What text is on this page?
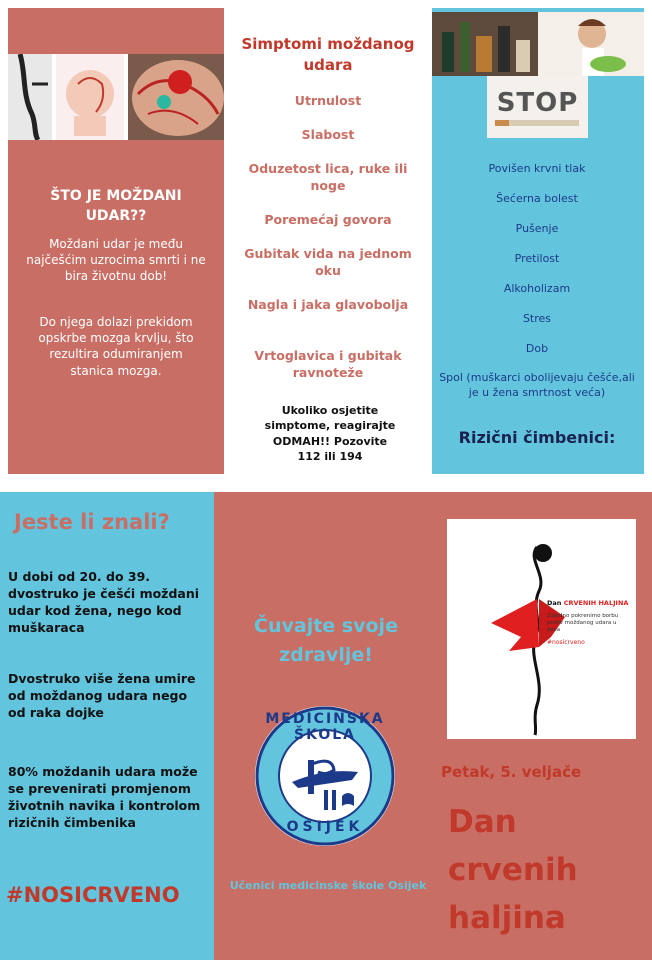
ŠTO JE MOŽDANI UDAR??
Moždani udar je među najčešćim uzrocima smrti i ne bira životnu dob!
Do njega dolazi prekidom opskrbe mozga krvlju, što rezultira odumiranjem stanica mozga.
Simptomi moždanog udara
Utrnulost
Slabost
Oduzetost lica, ruke ili noge
Poremećaj govora
Gubitak vida na jednom oku
Nagla i jaka glavobolja
Vrtoglavica i gubitak ravnoteže
Ukoliko osjetite simptome, reagirajte ODMAH!! Pozovite 112 ili 194
STOP
Povišen krvni tlak
Šećerna bolest
Pušenje
Pretilost
Alkoholizam
Stres
Dob
Spol (muškarci obolijevaju češće,ali je u žena smrtnost veća)
Rizični čimbenici:
Jeste li znali?
U dobi od 20. do 39. dvostruko je češći moždani udar kod žena, nego kod muškaraca
Dvostruko više žena umire od moždanog udara nego od raka dojke
80% moždanih udara može se prevenirati promjenom životnih navika i kontrolom rizičnih čimbenika
#NOSICRVENO
Čuvajte svoje zdravlje!
MEDICINSKA ŠKOLA
OSIJEK
Učenici medicinske škole Osijek
Dan CRVENIH HALJINA
Zajedno pokrenimo borbu protiv moždanog udara u žena
#nosicrveno
Petak, 5. veljače
Dan crvenih haljina
